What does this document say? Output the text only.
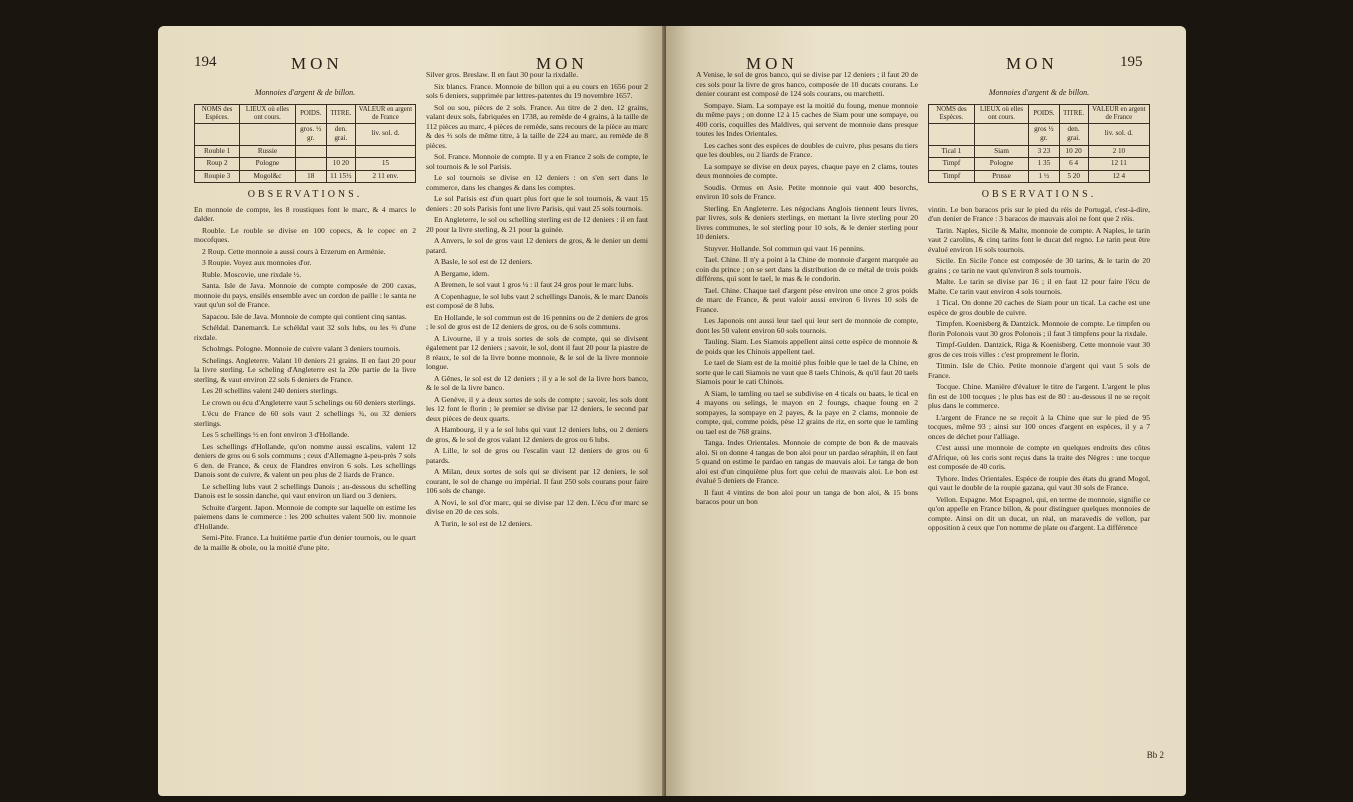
194	MON	MON
Monnoies d'argent & de billon.
NOMS des Espèces.	LIEUX où elles ont cours.	POIDS.	TITRE.	VALEUR en argent de France
		gros. ½ gr.	den. grai.	liv. sol. d.
Rouble 1	Russie			
Roup 2	Pologne		10 20	15
Roupie 3	Mogol&c	18	11 15½	2 11 env.
OBSERVATIONS.

En monnoie de compte, les 8 roustiques font le marc, & 4 marcs le dalder.

Rouble. Le rouble se divise en 100 copecs, & le copec en 2 mocofques.

2 Roup. Cette monnoie a aussi cours à Erzerum en Arménie.

3 Roupie. Voyez aux monnoies d'or.

Ruble. Moscovie, une rixdale ½.

Santa. Isle de Java. Monnoie de compte composée de 200 caxas, monnoie du pays, ensilés ensemble avec un cordon de paille : le santa ne vaut qu'un sol de France.

Sapacou. Isle de Java. Monnoie de compte qui contient cinq santas.

Schéldal. Danemarck. Le schéldal vaut 32 sols lubs, ou les ⅔ d'une rixdale.

Scholmgs. Pologne. Monnoie de cuivre valant 3 deniers tournois.

Schelings. Angleterre. Valant 10 deniers 21 grains. Il en faut 20 pour la livre sterling. Le scheling d'Angleterre est la 20e partie de la livre sterling, & vaut environ 22 sols 6 deniers de France.

Les 20 schellins valent 240 deniers sterlings.

Le crown ou écu d'Angleterre vaut 5 schelings ou 60 deniers sterlings.

L'écu de France de 60 sols vaut 2 schellings ¾, ou 32 deniers sterlings.

Les 5 schellings ½ en font environ 3 d'Hollande.

Les schellings d'Hollande, qu'on nomme aussi escalins, valent 12 deniers de gros ou 6 sols communs ; ceux d'Allemagne à-peu-près 7 sols 6 den. de France, & ceux de Flandres environ 6 sols. Les schellings Danois sont de cuivre, & valent un peu plus de 2 liards de France.

Le schelling lubs vaut 2 schellings Danois ; au-dessous du schelling Danois est le sossin danche, qui vaut environ un liard ou 3 deniers.

Schuite d'argent. Japon. Monnoie de compte sur laquelle on estime les paiemens dans le commerce : les 200 schuites valent 500 liv. monnoie d'Hollande.

Semi-Pite. France. La huitième partie d'un denier tournois, ou le quart de la maille & obole, ou la moitié d'une pite.

Silver gros. Breslaw. Il en faut 30 pour la rixdalle.

Six blancs. France. Monnoie de billon qui a eu cours en 1656 pour 2 sols 6 deniers, supprimée par lettres-patentes du 19 novembre 1657.

Sol ou sou, pièces de 2 sols. France. Au titre de 2 den. 12 grains, valant deux sols, fabriquées en 1738, au remède de 4 grains, à la taille de 112 pièces au marc, 4 pièces de remède, sans recours de la pièce au marc & des ⅔ sols de même titre, à la taille de 224 au marc, au remède de 8 pièces.

Sol. France. Monnoie de compte. Il y a en France 2 sols de compte, le sol tournois & le sol Parisis.

Le sol tournois se divise en 12 deniers : on s'en sert dans le commerce, dans les changes & dans les comptes.

Le sol Parisis est d'un quart plus fort que le sol tournois, & vaut 15 deniers : 20 sols Parisis font une livre Parisis, qui vaut 25 sols tournois.

En Angleterre, le sol ou schelling sterling est de 12 deniers : il en faut 20 pour la livre sterling, & 21 pour la guinée.

A Anvers, le sol de gros vaut 12 deniers de gros, & le denier un demi patard.

A Basle, le sol est de 12 deniers.

A Bergame, idem.

A Bremen, le sol vaut 1 gros ¼ : il faut 24 gros pour le marc lubs.

A Copenhague, le sol lubs vaut 2 schellings Danois, & le marc Danois est composé de 8 lubs.

En Hollande, le sol commun est de 16 pennins ou de 2 deniers de gros ; le sol de gros est de 12 deniers de gros, ou de 6 sols communs.

A Livourne, il y a trois sortes de sols de compte, qui se divisent également par 12 deniers ; savoir, le sol, dont il faut 20 pour la piastre de 8 réaux, le sol de la livre bonne monnoie, & le sol de la livre monnoie longue.

A Gênes, le sol est de 12 deniers ; il y a le sol de la livre hors banco, & le sol de la livre banco.

A Genève, il y a deux sortes de sols de compte ; savoir, les sols dont les 12 font le florin ; le premier se divise par 12 deniers, le second par deux pièces de deux quarts.

A Hambourg, il y a le sol lubs qui vaut 12 deniers lubs, ou 2 deniers de gros, & le sol de gros valant 12 deniers de gros ou 6 lubs.

A Lille, le sol de gros ou l'escalin vaut 12 deniers de gros ou 6 patards.

A Milan, deux sortes de sols qui se divisent par 12 deniers, le sol courant, le sol de change ou impérial. Il faut 250 sols courans pour faire 106 sols de change.

A Novi, le sol d'or marc, qui se divise par 12 den. L'écu d'or marc se divise en 20 de ces sols.

A Turin, le sol est de 12 deniers.

MON	MON	195

A Venise, le sol de gros banco, qui se divise par 12 deniers ; il faut 20 de ces sols pour la livre de gros banco, composée de 10 ducats courans. Le denier courant est composé de 124 sols courans, ou marchetti.

Sompaye. Siam. La sompaye est la moitié du foung, menue monnoie du même pays ; on donne 12 à 15 caches de Siam pour une sompaye, ou 400 coris, coquilles des Maldives, qui servent de monnoie dans presque toutes les Indes Orientales.

Les caches sont des espèces de doubles de cuivre, plus pesans du tiers que les doubles, ou 2 liards de France.

La sompaye se divise en deux payes, chaque paye en 2 clams, toutes deux monnoies de compte.

Soudis. Ormus en Asie. Petite monnoie qui vaut 400 besorchs, environ 10 sols de France.

Sterling. En Angleterre. Les négocians Anglois tiennent leurs livres, par livres, sols & deniers sterlings, en mettant la livre sterling pour 20 livres communes, le sol sterling pour 10 sols, & le denier sterling pour 10 deniers.

Stuyver. Hollande. Sol commun qui vaut 16 pennins.

Tael. Chine. Il n'y a point à la Chine de monnoie d'argent marquée au coin du prince ; on se sert dans la distribution de ce métal de trois poids différens, qui sont le tael, le mas & le condorin.

Tael. Chine. Chaque tael d'argent pèse environ une once 2 gros poids de marc de France, & peut valoir aussi environ 6 livres 10 sols de France.

Les Japonois ont aussi leur tael qui leur sert de monnoie de compte, dont les 50 valent environ 60 sols tournois.

Tauling. Siam. Les Siamois appellent ainsi cette espèce de monnoie & de poids que les Chinois appellent tael.

Le tael de Siam est de la moitié plus foible que le tael de la Chine, en sorte que le cati Siamois ne vaut que 8 taels Chinois, & qu'il faut 20 taels Siamois pour le cati Chinois.

A Siam, le tamling ou tael se subdivise en 4 ticals ou baats, le tical en 4 mayons ou selings, le mayon en 2 foungs, chaque foung en 2 sompayes, la sompaye en 2 payes, & la paye en 2 clams, monnoie de compte, qui, comme poids, pèse 12 grains de riz, en sorte que le tamling ou tael est de 768 grains.

Tanga. Indes Orientales. Monnoie de compte de bon & de mauvais aloi. Si on donne 4 tangas de bon aloi pour un pardao séraphin, il en faut 5 quand on estime le pardao en tangas de mauvais aloi. Le tanga de bon aloi est d'un cinquième plus fort que celui de mauvais aloi. Le bon est évalué 5 deniers de France.

Il faut 4 vintins de bon aloi pour un tanga de bon aloi, & 15 bons baracos pour un bon

Monnoies d'argent & de billon.
NOMS des Espèces.	LIEUX où elles ont cours.	POIDS.	TITRE.	VALEUR en argent de France
		gros ½ gr.	den. grai.	liv. sol. d.
Tical 1	Siam	3 23	10 20	2 10
Timpf	Pologne	1 35	6 4	12 11
Timpf	Prusse	1 ½	5 20	12 4
OBSERVATIONS.

vintin. Le bon baracos pris sur le pied du réis de Portugal, c'est-à-dire, d'un denier de France : 3 baracos de mauvais aloi ne font que 2 réis.

Tarin. Naples, Sicile & Malte, monnoie de compte. A Naples, le tarin vaut 2 carolins, & cinq tarins font le ducat del regno. Le tarin peut être évalué environ 16 sols tournois.

Sicile. En Sicile l'once est composée de 30 tarins, & le tarin de 20 grains ; ce tarin ne vaut qu'environ 8 sols tournois.

Malte. Le tarin se divise par 16 ; il en faut 12 pour faire l'écu de Malte. Ce tarin vaut environ 4 sols tournois.

1 Tical. On donne 20 caches de Siam pour un tical. La cache est une espèce de gros double de cuivre.

Timpfen. Koenisberg & Dantzick. Monnoie de compte. Le timpfen ou florin Polonois vaut 30 gros Polonois ; il faut 3 timpfens pour la rixdale.

Timpf-Gulden. Dantzick, Riga & Koenisberg. Cette monnoie vaut 30 gros de ces trois villes : c'est proprement le florin.

Titmin. Isle de Chio. Petite monnoie d'argent qui vaut 5 sols de France.

Tocque. Chine. Manière d'évaluer le titre de l'argent. L'argent le plus fin est de 100 tocques ; le plus bas est de 80 : au-dessous il ne se reçoit plus dans le commerce.

L'argent de France ne se reçoit à la Chine que sur le pied de 95 tocques, même 93 ; ainsi sur 100 onces d'argent en espèces, il y a 7 onces de déchet pour l'alliage.

C'est aussi une monnoie de compte en quelques endroits des côtes d'Afrique, où les coris sont reçus dans la traite des Nègres : une tocque est composée de 40 coris.

Tyhore. Indes Orientales. Espèce de roupie des états du grand Mogol, qui vaut le double de la roupie gazana, qui vaut 30 sols de France.

Vellon. Espagne. Mot Espagnol, qui, en terme de monnoie, signifie ce qu'on appelle en France billon, & pour distinguer quelques monnoies de compte. Ainsi on dit un ducat, un réal, un maravedis de vellon, par opposition à ceux que l'on nomme de plate ou d'argent. La différence

Bb 2
